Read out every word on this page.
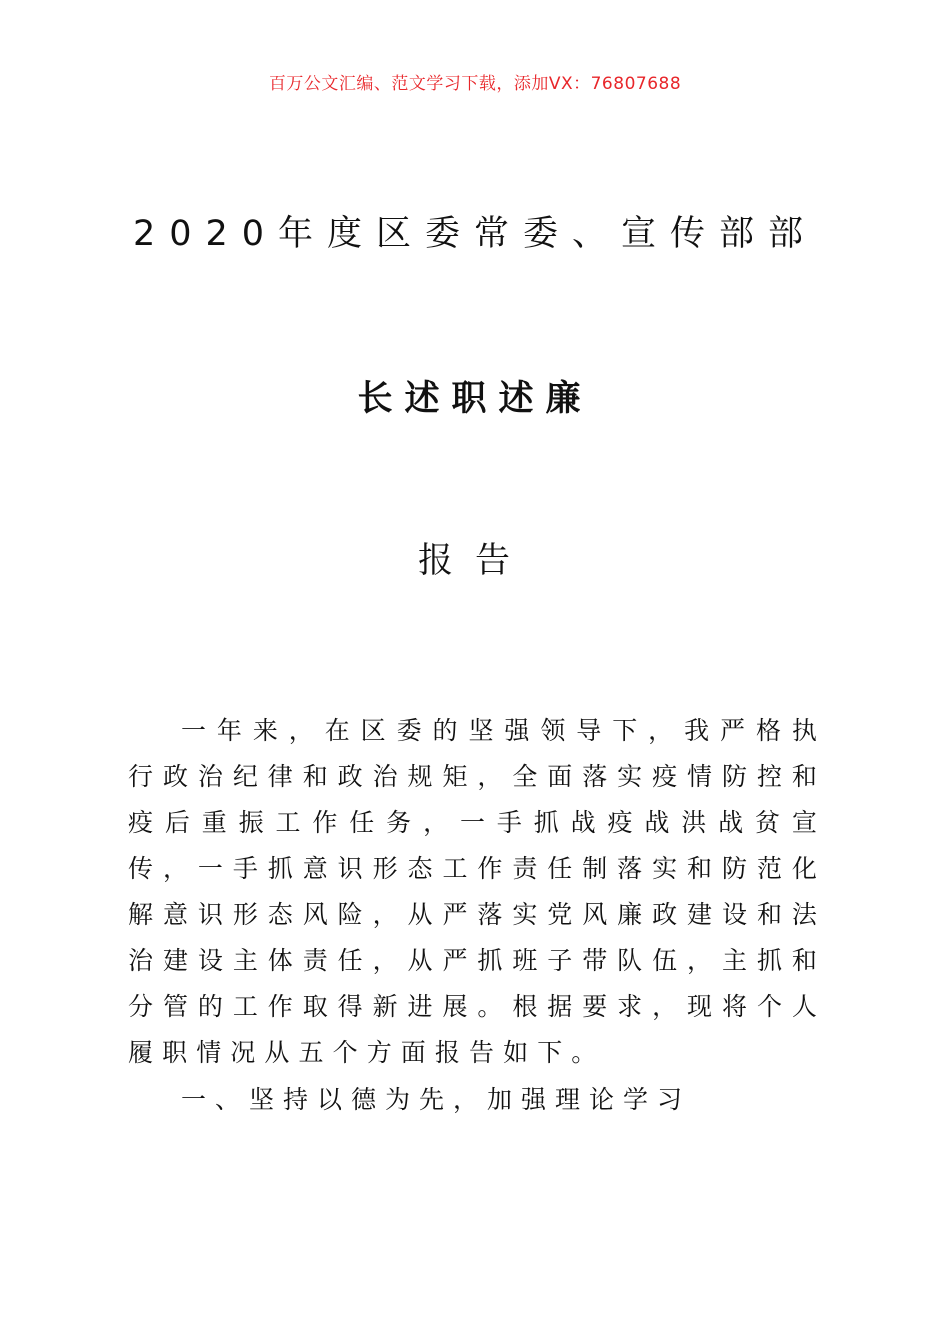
百万公文汇编、范文学习下载，添加VX：76807688
2020年度区委常委、宣传部部
长述职述廉
报告
一年来，在区委的坚强领导下，我严格执行政治纪律和政治规矩，全面落实疫情防控和疫后重振工作任务，一手抓战疫战洪战贫宣传，一手抓意识形态工作责任制落实和防范化解意识形态风险，从严落实党风廉政建设和法治建设主体责任，从严抓班子带队伍，主抓和分管的工作取得新进展。根据要求，现将个人履职情况从五个方面报告如下。
一、坚持以德为先，加强理论学习
